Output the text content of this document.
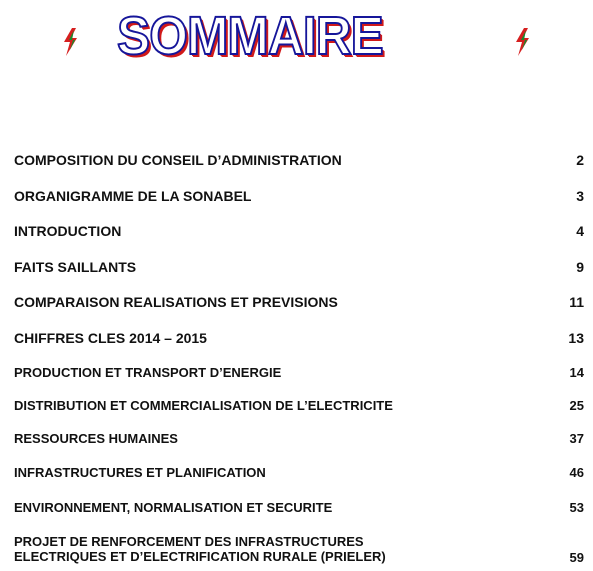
SOMMAIRE
COMPOSITION DU CONSEIL D’ADMINISTRATION	2
ORGANIGRAMME DE LA SONABEL	3
INTRODUCTION	4
FAITS SAILLANTS	9
COMPARAISON REALISATIONS ET PREVISIONS	11
CHIFFRES CLES 2014 – 2015	13
PRODUCTION ET TRANSPORT D’ENERGIE	14
DISTRIBUTION ET COMMERCIALISATION DE L’ELECTRICITE	25
RESSOURCES HUMAINES	37
INFRASTRUCTURES ET PLANIFICATION	46
ENVIRONNEMENT, NORMALISATION ET SECURITE	53
PROJET DE RENFORCEMENT DES INFRASTRUCTURES
ELECTRIQUES ET D’ELECTRIFICATION RURALE (PRIELER)	59
